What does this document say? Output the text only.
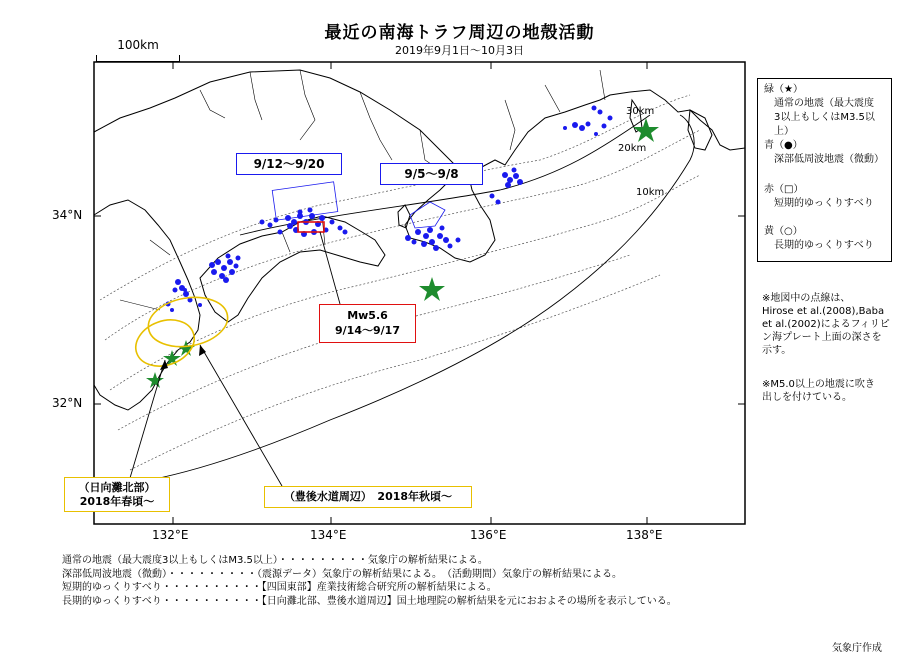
最近の南海トラフ周辺の地殻活動
2019年9月1日～10月3日
100km
30km
20km
10km
34°N
32°N
132°E	134°E	136°E	138°E
9/12～9/20
9/5～9/8
Mw5.6
9/14～9/17
（日向灘北部）
2018年春頃～	（豊後水道周辺）　2018年秋頃～
緑（★）
通常の地震（最大震度
3以上もしくはM3.5以上）
青（●）
深部低周波地震（微動）
赤（□）
短期的ゆっくりすべり
黄（○）
長期的ゆっくりすべり
※地図中の点線は、
Hirose et al.(2008),Baba
et al.(2002)によるフィリピ
ン海プレート上面の深さを
示す。
※M5.0以上の地震に吹き
出しを付けている。
通常の地震（最大震度3以上もしくはM3.5以上）・・・・・・・・・気象庁の解析結果による。
深部低周波地震（微動）・・・・・・・・・（震源データ）気象庁の解析結果による。　（活動期間）気象庁の解析結果による。
短期的ゆっくりすべり・・・・・・・・・・【四国東部】産業技術総合研究所の解析結果による。
長期的ゆっくりすべり・・・・・・・・・・【日向灘北部、豊後水道周辺】国土地理院の解析結果を元におおよその場所を表示している。
気象庁作成
